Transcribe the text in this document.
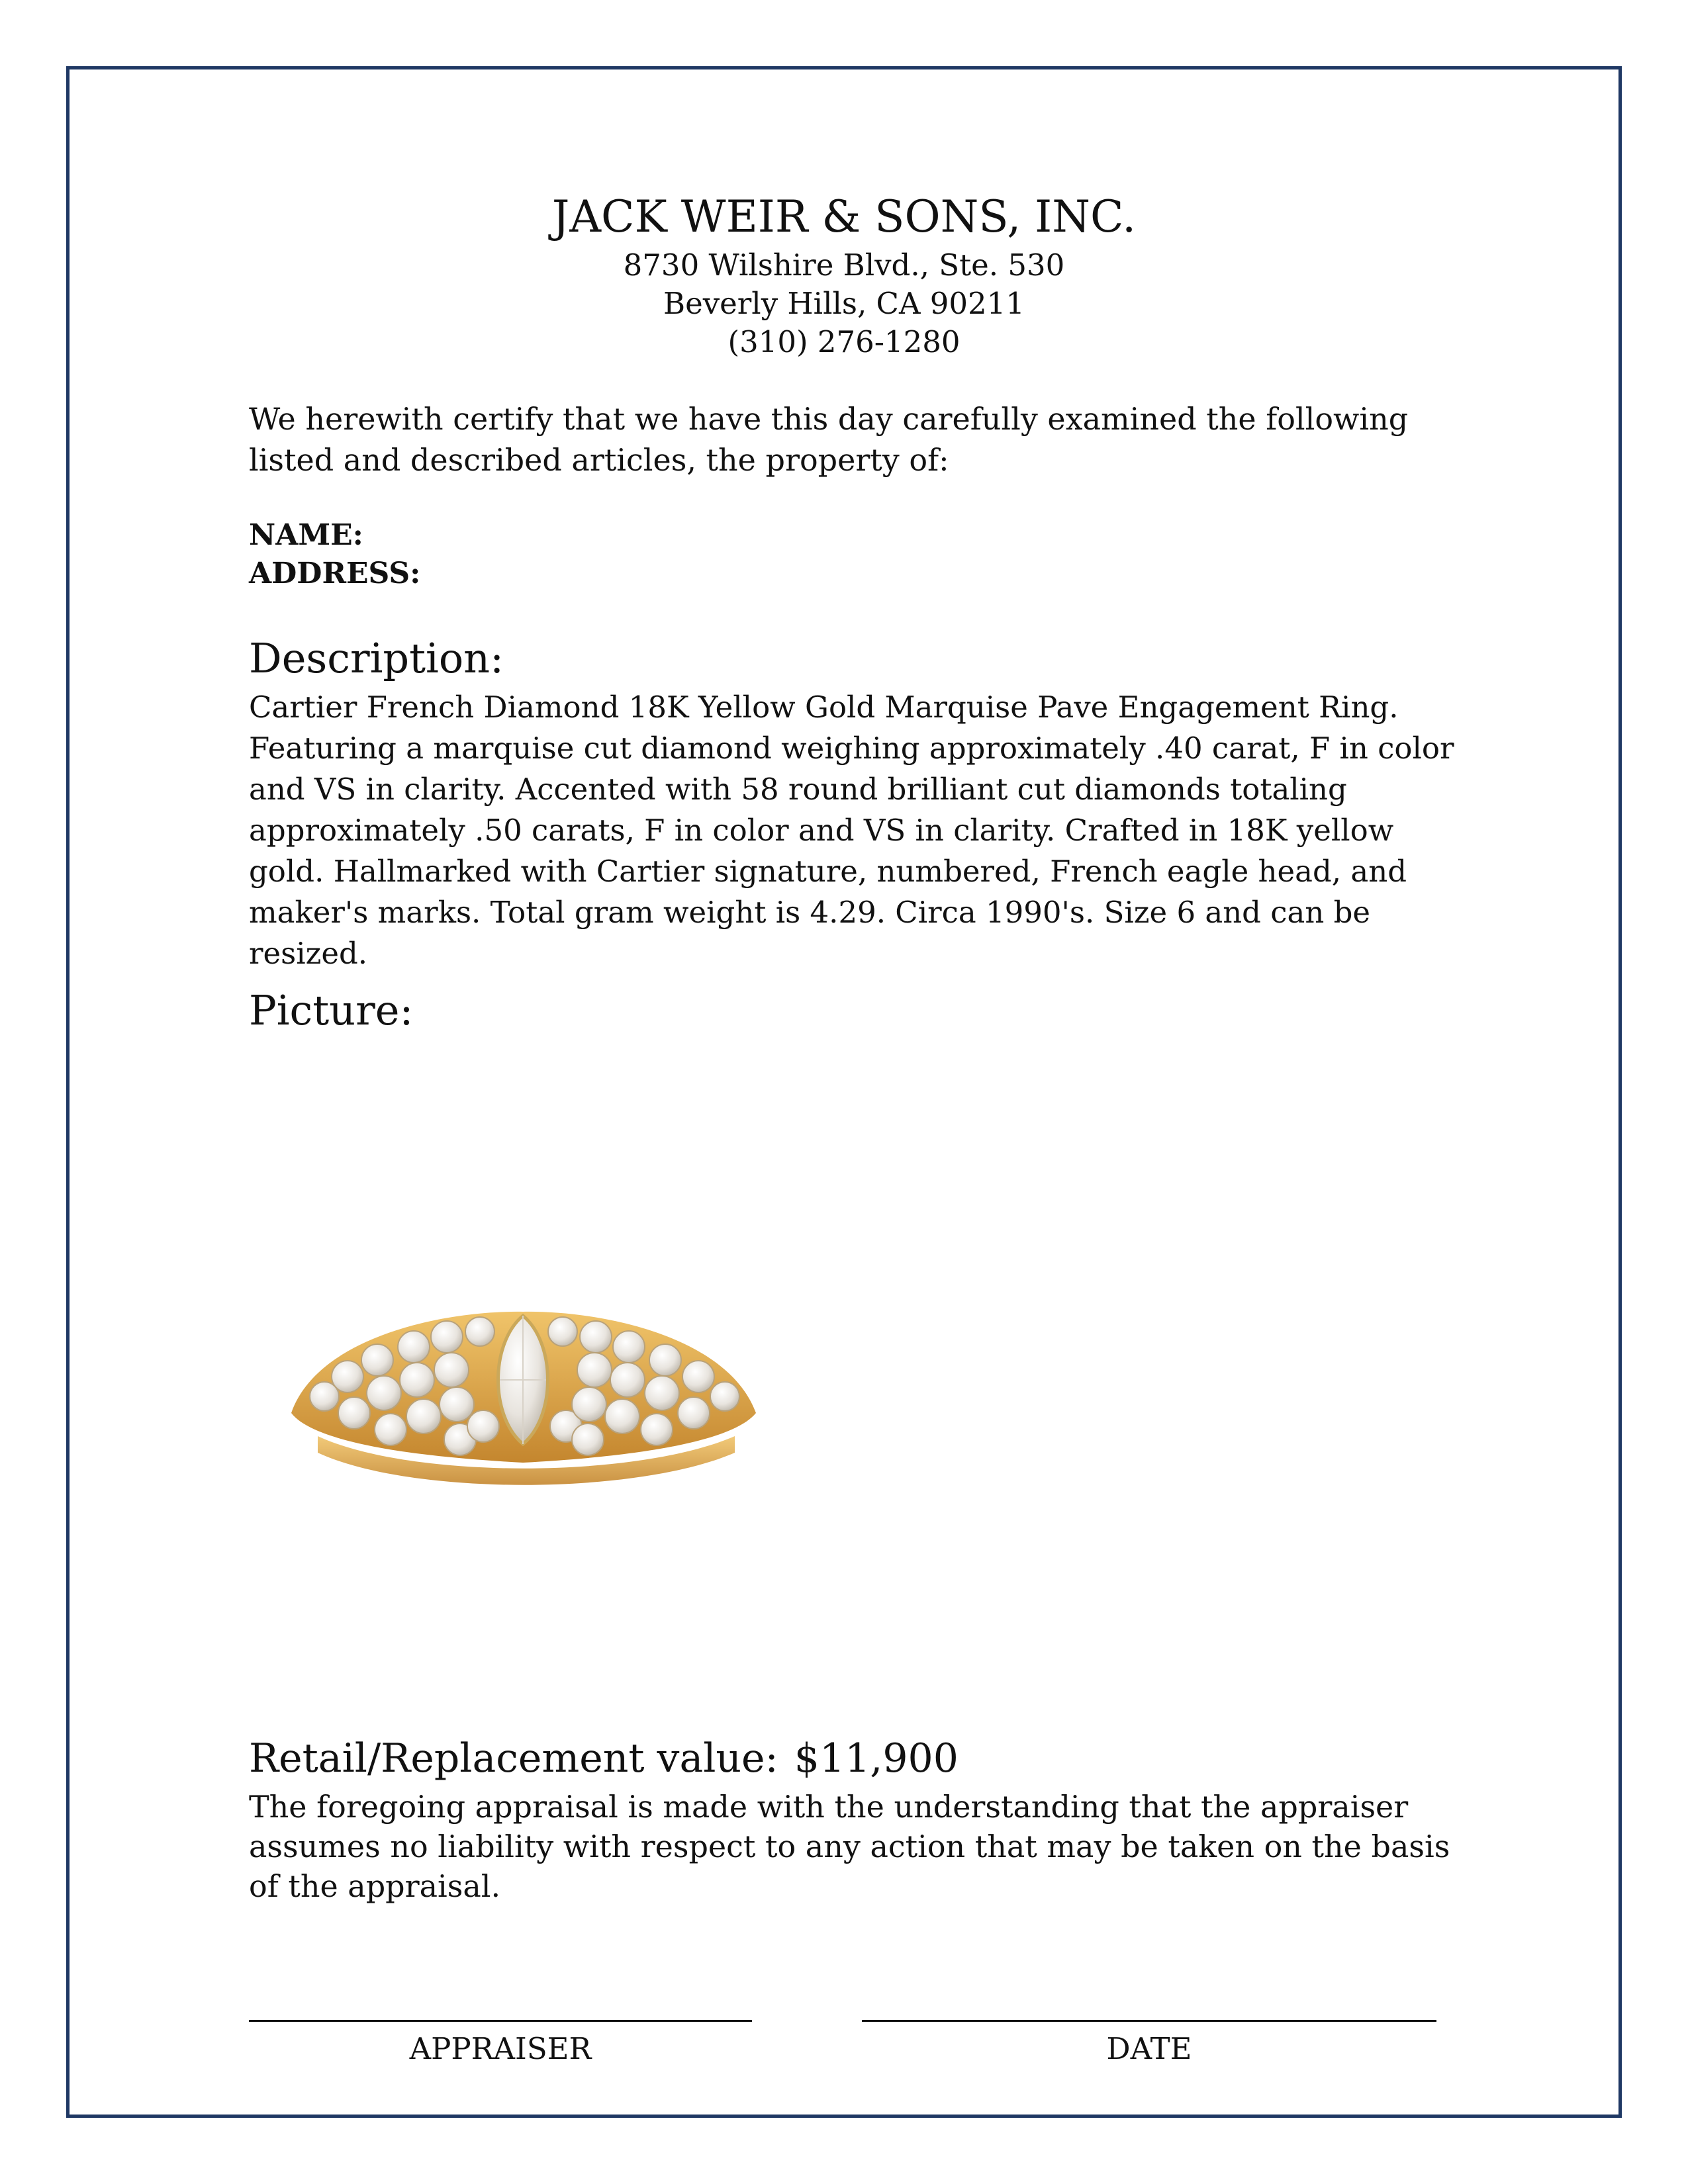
JACK WEIR & SONS, INC.
8730 Wilshire Blvd., Ste. 530
Beverly Hills, CA 90211
(310) 276-1280
We herewith certify that we have this day carefully examined the following listed and described articles, the property of:
NAME:
ADDRESS:
Description:
Cartier French Diamond 18K Yellow Gold Marquise Pave Engagement Ring. Featuring a marquise cut diamond weighing approximately .40 carat, F in color and VS in clarity. Accented with 58 round brilliant cut diamonds totaling approximately .50 carats, F in color and VS in clarity. Crafted in 18K yellow gold. Hallmarked with Cartier signature, numbered, French eagle head, and maker's marks. Total gram weight is 4.29. Circa 1990's. Size 6 and can be resized.
Picture:
Retail/Replacement value: $11,900
The foregoing appraisal is made with the understanding that the appraiser assumes no liability with respect to any action that may be taken on the basis of the appraisal.
APPRAISER	DATE
